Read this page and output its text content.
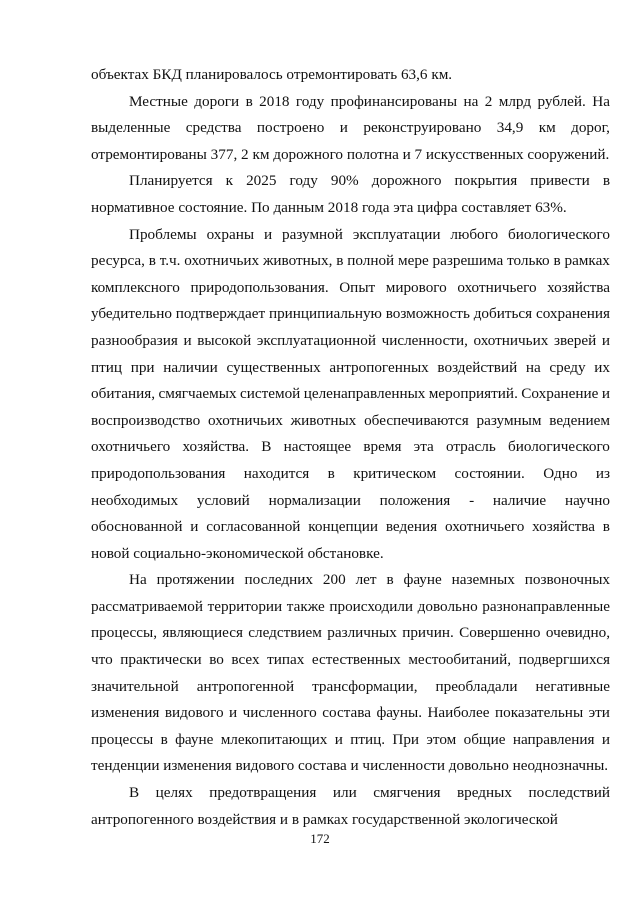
объектах БКД планировалось отремонтировать 63,6 км.
Местные дороги в 2018 году профинансированы на 2 млрд рублей. На
выделенные средства построено и реконструировано 34,9 км дорог,
отремонтированы 377, 2 км дорожного полотна и 7 искусственных сооружений.
Планируется к 2025 году 90% дорожного покрытия привести в
нормативное состояние. По данным 2018 года эта цифра составляет 63%.
Проблемы охраны и разумной эксплуатации любого биологического
ресурса, в т.ч. охотничьих животных, в полной мере разрешима только в рамках
комплексного природопользования. Опыт мирового охотничьего хозяйства
убедительно подтверждает принципиальную возможность добиться сохранения
разнообразия и высокой эксплуатационной численности, охотничьих зверей и
птиц при наличии существенных антропогенных воздействий на среду их
обитания, смягчаемых системой целенаправленных мероприятий. Сохранение и
воспроизводство охотничьих животных обеспечиваются разумным ведением
охотничьего хозяйства. В настоящее время эта отрасль биологического
природопользования находится в критическом состоянии. Одно из
необходимых условий нормализации положения - наличие научно
обоснованной и согласованной концепции ведения охотничьего хозяйства в
новой социально-экономической обстановке.
На протяжении последних 200 лет в фауне наземных позвоночных
рассматриваемой территории также происходили довольно разнонаправленные
процессы, являющиеся следствием различных причин. Совершенно очевидно,
что практически во всех типах естественных местообитаний, подвергшихся
значительной антропогенной трансформации, преобладали негативные
изменения видового и численного состава фауны. Наиболее показательны эти
процессы в фауне млекопитающих и птиц. При этом общие направления и
тенденции изменения видового состава и численности довольно неоднозначны.
В целях предотвращения или смягчения вредных последствий
антропогенного воздействия и в рамках государственной экологической
172
